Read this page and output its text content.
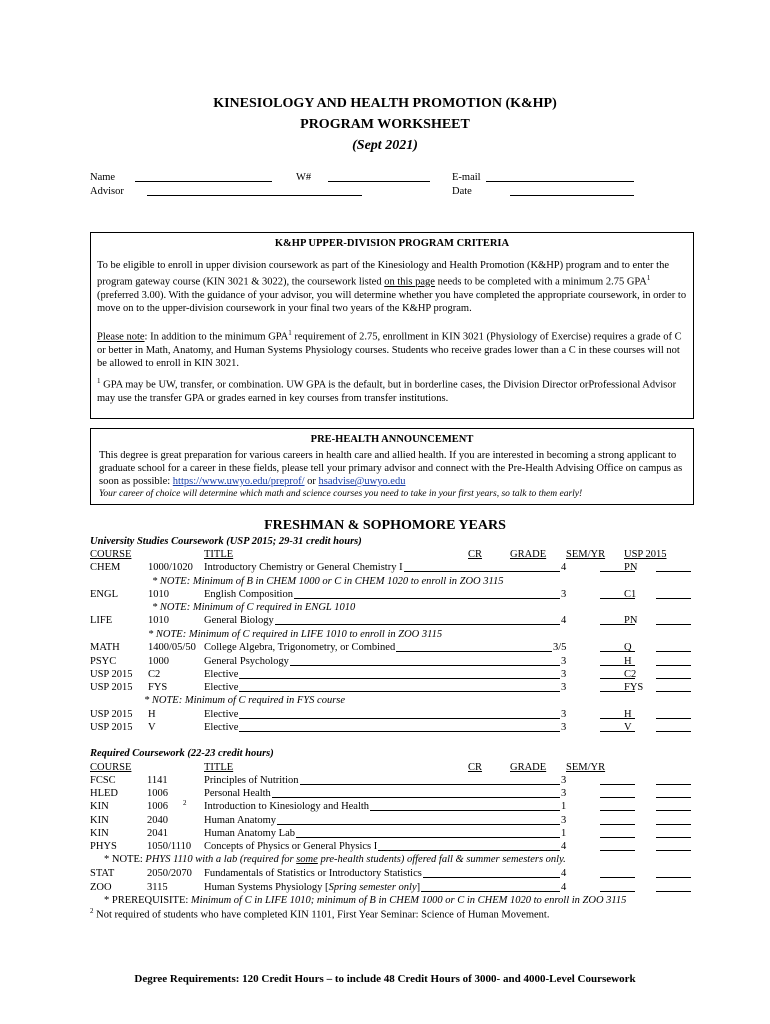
KINESIOLOGY AND HEALTH PROMOTION (K&HP)
PROGRAM WORKSHEET
(Sept 2021)
Name
Advisor
W#	E-mail
Date
K&HP UPPER-DIVISION PROGRAM CRITERIA
To be eligible to enroll in upper division coursework as part of the Kinesiology and Health Promotion (K&HP) program and to enter the program gateway course (KIN 3021 & 3022), the coursework listed on this page needs to be completed with a minimum 2.75 GPA$^1$ (preferred 3.00). With the guidance of your advisor, you will determine whether you have completed the appropriate coursework, in order to move on to the upper-division coursework in your final two years of the K&HP program.
Please note: In addition to the minimum GPA$^1$ requirement of 2.75, enrollment in KIN 3021 (Physiology of Exercise) requires a grade of C or better in Math, Anatomy, and Human Systems Physiology courses. Students who receive grades lower than a C in these courses will not be allowed to enroll in KIN 3021.
$^1$ GPA may be UW, transfer, or combination. UW GPA is the default, but in borderline cases, the Division Director orProfessional Advisor may use the transfer GPA or grades earned in key courses from transfer institutions.
PRE-HEALTH ANNOUNCEMENT
This degree is great preparation for various careers in health care and allied health. If you are interested in becoming a strong applicant to graduate school for a career in these fields, please tell your primary advisor and connect with the Pre-Health Advising Office on campus as soon as possible: https://www.uwyo.edu/preprof/ or hsadvise@uwyo.edu
Your career of choice will determine which math and science courses you need to take in your first years, so talk to them early!
FRESHMAN & SOPHOMORE YEARS
University Studies Coursework (USP 2015; 29-31 credit hours)
COURSE	TITLE	CR	GRADE SEM/YR USP 2015
CHEM	1000/1020 Introductory Chemistry or General Chemistry I	4	PN
* NOTE: Minimum of B in CHEM 1000 or C in CHEM 1020 to enroll in ZOO 3115
ENGL	1010	English Composition	3	C1
* NOTE: Minimum of C required in ENGL 1010
LIFE	1010	General Biology	4	PN
* NOTE: Minimum of C required in LIFE 1010 to enroll in ZOO 3115
MATH	1400/05/50 College Algebra, Trigonometry, or Combined	3/5	Q
PSYC	1000	General Psychology	3	H
USP 2015 C2	Elective	3	C2
USP 2015 FYS	Elective	3	FYS
* NOTE: Minimum of C required in FYS course
USP 2015 H	Elective	3	H
USP 2015 V	Elective	3	V
Required Coursework (22-23 credit hours)
COURSE	TITLE	CR	GRADE SEM/YR
FCSC	1141	Principles of Nutrition	3
HLED	1006	Personal Health	3
KIN	1006 2 Introduction to Kinesiology and Health	1
KIN	2040	Human Anatomy	3
KIN	2041	Human Anatomy Lab	1
PHYS	1050/1110 Concepts of Physics or General Physics I	4
STAT	2050/2070 Fundamentals of Statistics or Introductory Statistics	4
ZOO	3115	Human Systems Physiology [Spring semester only]	4
* NOTE: PHYS 1110 with a lab (required for some pre-health students) offered fall & summer semesters only.
* PREREQUISITE: Minimum of C in LIFE 1010; minimum of B in CHEM 1000 or C in CHEM 1020 to enroll in ZOO 3115
$^2$ Not required of students who have completed KIN 1101, First Year Seminar: Science of Human Movement.
Degree Requirements: 120 Credit Hours – to include 48 Credit Hours of 3000- and 4000-Level Coursework
